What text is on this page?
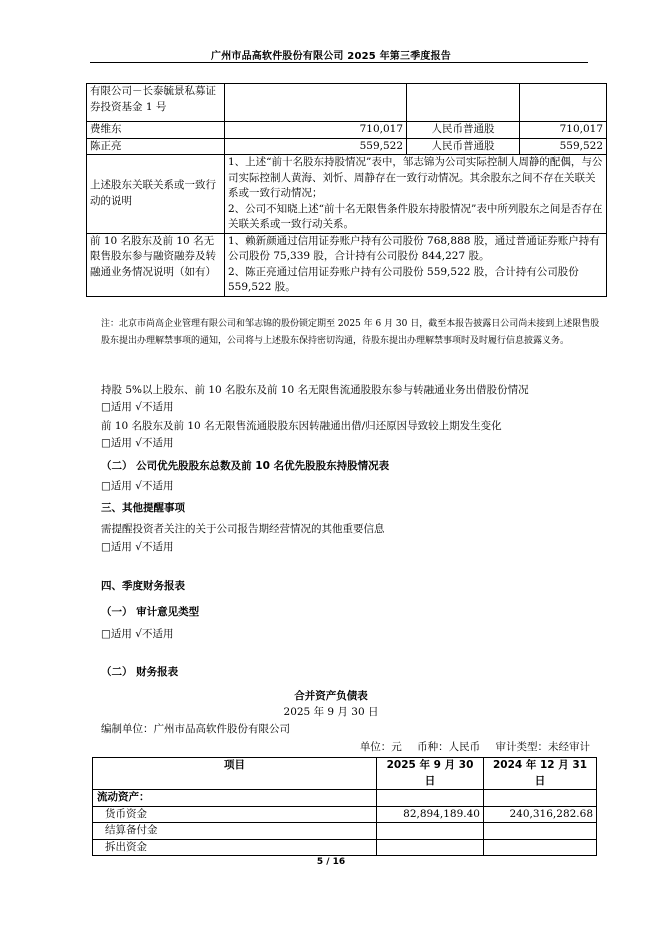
广州市品高软件股份有限公司 2025 年第三季度报告
有限公司－长泰毓景私募证券投资基金 1 号			
费维东	710,017	人民币普通股	710,017
陈正亮	559,522	人民币普通股	559,522
上述股东关联关系或一致行动的说明	1、上述“前十名股东持股情况”表中，邹志锦为公司实际控制人周静的配偶，与公司实际控制人黄海、刘忻、周静存在一致行动情况。其余股东之间不存在关联关系或一致行动情况；
2、公司不知晓上述“前十名无限售条件股东持股情况”表中所列股东之间是否存在关联关系或一致行动关系。		
前 10 名股东及前 10 名无限售股东参与融资融券及转融通业务情况说明（如有）	1、赖新颜通过信用证券账户持有公司股份 768,888 股，通过普通证券账户持有公司股份 75,339 股，合计持有公司股份 844,227 股。
2、陈正亮通过信用证券账户持有公司股份 559,522 股，合计持有公司股份 559,522 股。		
注：北京市尚高企业管理有限公司和邹志锦的股份锁定期至 2025 年 6 月 30 日，截至本报告披露日公司尚未接到上述限售股股东提出办理解禁事项的通知，公司将与上述股东保持密切沟通，待股东提出办理解禁事项时及时履行信息披露义务。
持股 5%以上股东、前 10 名股东及前 10 名无限售流通股股东参与转融通业务出借股份情况
□适用 √不适用
前 10 名股东及前 10 名无限售流通股股东因转融通出借/归还原因导致较上期发生变化
□适用 √不适用
（二） 公司优先股股东总数及前 10 名优先股股东持股情况表
□适用 √不适用
三、其他提醒事项
需提醒投资者关注的关于公司报告期经营情况的其他重要信息
□适用 √不适用
四、季度财务报表
（一） 审计意见类型
□适用 √不适用
（二） 财务报表
合并资产负债表
2025 年 9 月 30 日
编制单位：广州市品高软件股份有限公司
单位：元 币种：人民币 审计类型：未经审计
项目	2025 年 9 月 30 日	2024 年 12 月 31 日
流动资产：		
货币资金	82,894,189.40	240,316,282.68
结算备付金		
拆出资金		
5 / 16
